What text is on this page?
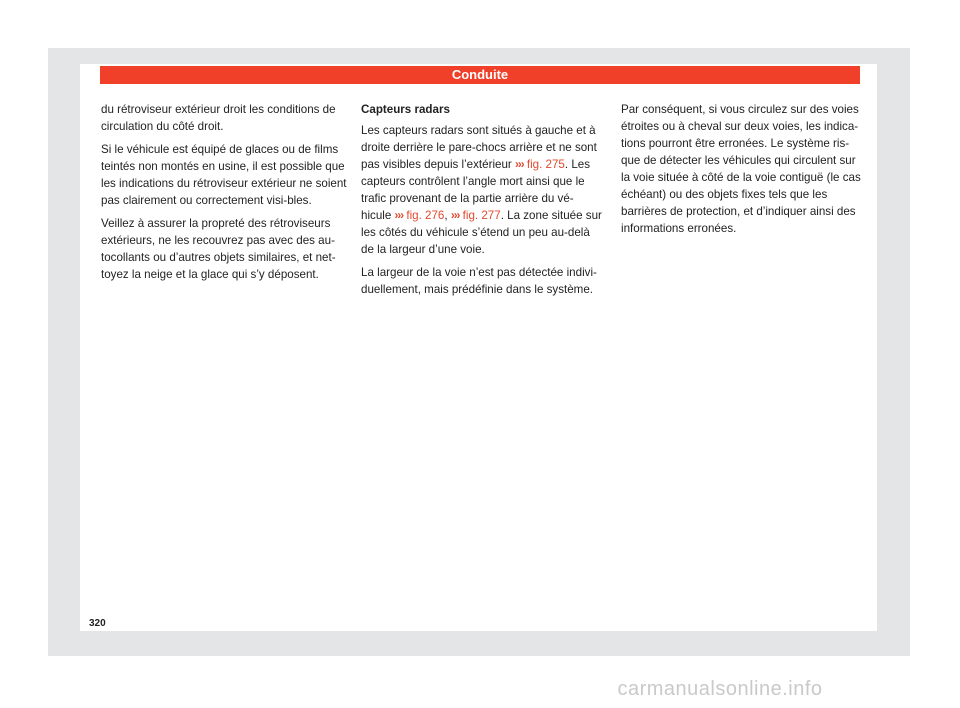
Conduite

du rétroviseur extérieur droit les conditions de circulation du côté droit.

Si le véhicule est équipé de glaces ou de films teintés non montés en usine, il est possible que les indications du rétroviseur extérieur ne soient pas clairement ou correctement visi-bles.

Veillez à assurer la propreté des rétroviseurs extérieurs, ne les recouvrez pas avec des au-tocollants ou d’autres objets similaires, et net-toyez la neige et la glace qui s’y déposent.

Capteurs radars

Les capteurs radars sont situés à gauche et à droite derrière le pare-chocs arrière et ne sont pas visibles depuis l’extérieur ››› fig. 275. Les capteurs contrôlent l’angle mort ainsi que le trafic provenant de la partie arrière du vé-hicule ››› fig. 276, ››› fig. 277. La zone située sur les côtés du véhicule s’étend un peu au-delà de la largeur d’une voie.

La largeur de la voie n’est pas détectée indivi-duellement, mais prédéfinie dans le système.

Par conséquent, si vous circulez sur des voies étroites ou à cheval sur deux voies, les indica-tions pourront être erronées. Le système ris-que de détecter les véhicules qui circulent sur la voie située à côté de la voie contiguë (le cas échéant) ou des objets fixes tels que les barrières de protection, et d’indiquer ainsi des informations erronées.

320
carmanualsonline.info
